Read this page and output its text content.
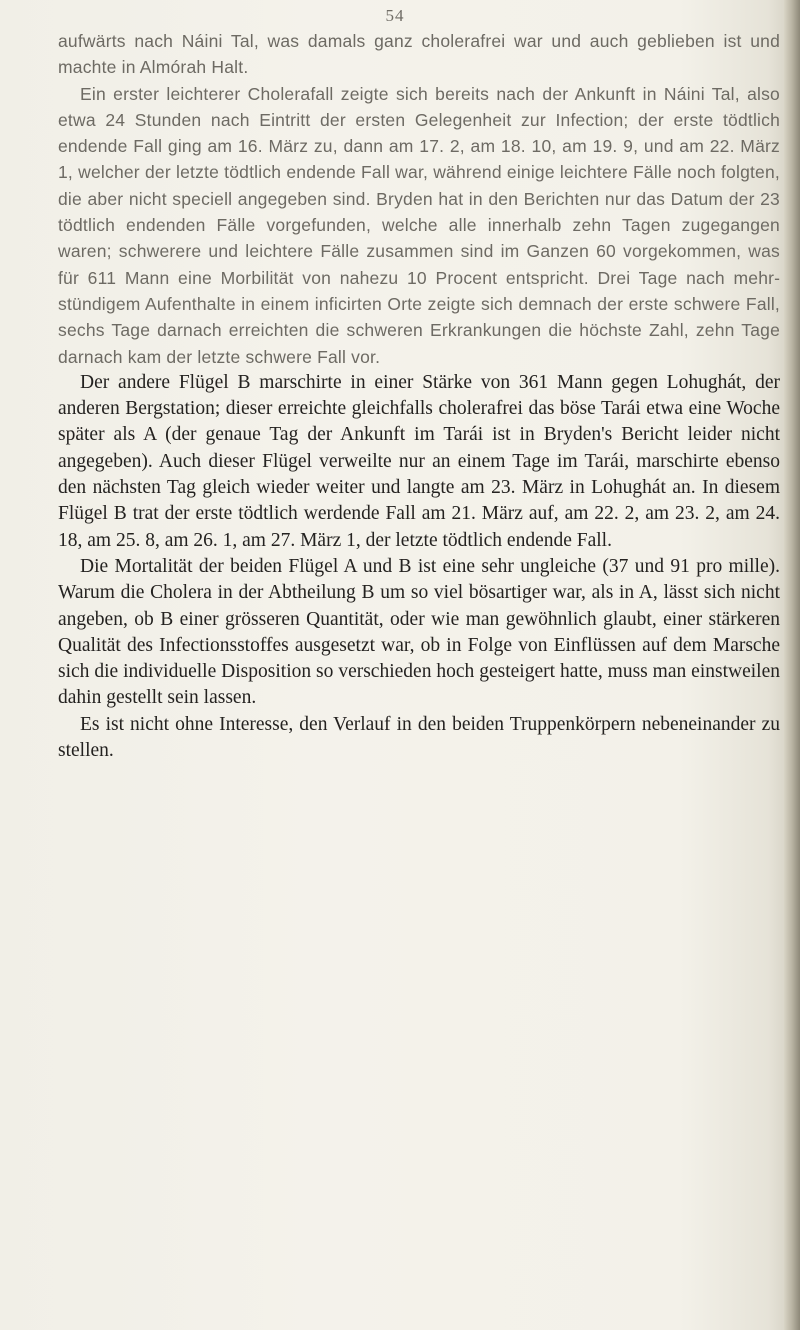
54

aufwärts nach Náini Tal, was damals ganz cholerafrei war und auch geblieben ist und machte in Almórah Halt.

Ein erster leichterer Cholerafall zeigte sich bereits nach der Ankunft in Náini Tal, also etwa 24 Stunden nach Eintritt der ersten Gelegenheit zur Infection; der erste tödtlich endende Fall ging am 16. März zu, dann am 17. 2, am 18. 10, am 19. 9, und am 22. März 1, welcher der letzte tödtlich endende Fall war, während einige leichtere Fälle noch folgten, die aber nicht speciell angegeben sind. Bryden hat in den Berichten nur das Datum der 23 tödtlich endenden Fälle vorgefunden, welche alle innerhalb zehn Tagen zugegangen waren; schwerere und leichtere Fälle zusammen sind im Ganzen 60 vorgekommen, was für 611 Mann eine Morbilität von nahezu 10 Procent entspricht. Drei Tage nach mehrstündigem Aufenthalte in einem inficirten Orte zeigte sich demnach der erste schwere Fall, sechs Tage darnach erreichten die schweren Erkrankungen die höchste Zahl, zehn Tage darnach kam der letzte schwere Fall vor.

Der andere Flügel B marschirte in einer Stärke von 361 Mann gegen Lohughát, der anderen Bergstation; dieser erreichte gleichfalls cholerafrei das böse Tarái etwa eine Woche später als A (der genaue Tag der Ankunft im Tarái ist in Bryden's Bericht leider nicht angegeben). Auch dieser Flügel verweilte nur an einem Tage im Tarái, marschirte ebenso den nächsten Tag gleich wieder weiter und langte am 23. März in Lohughát an. In diesem Flügel B trat der erste tödtlich werdende Fall am 21. März auf, am 22. 2, am 23. 2, am 24. 18, am 25. 8, am 26. 1, am 27. März 1, der letzte tödtlich endende Fall.

Die Mortalität der beiden Flügel A und B ist eine sehr ungleiche (37 und 91 pro mille). Warum die Cholera in der Abtheilung B um so viel bösartiger war, als in A, lässt sich nicht angeben, ob B einer grösseren Quantität, oder wie man gewöhnlich glaubt, einer stärkeren Qualität des Infectionsstoffes ausgesetzt war, ob in Folge von Einflüssen auf dem Marsche sich die individuelle Disposition so verschieden hoch gesteigert hatte, muss man einstweilen dahin gestellt sein lassen.

Es ist nicht ohne Interesse, den Verlauf in den beiden Truppenkörpern nebeneinander zu stellen.
